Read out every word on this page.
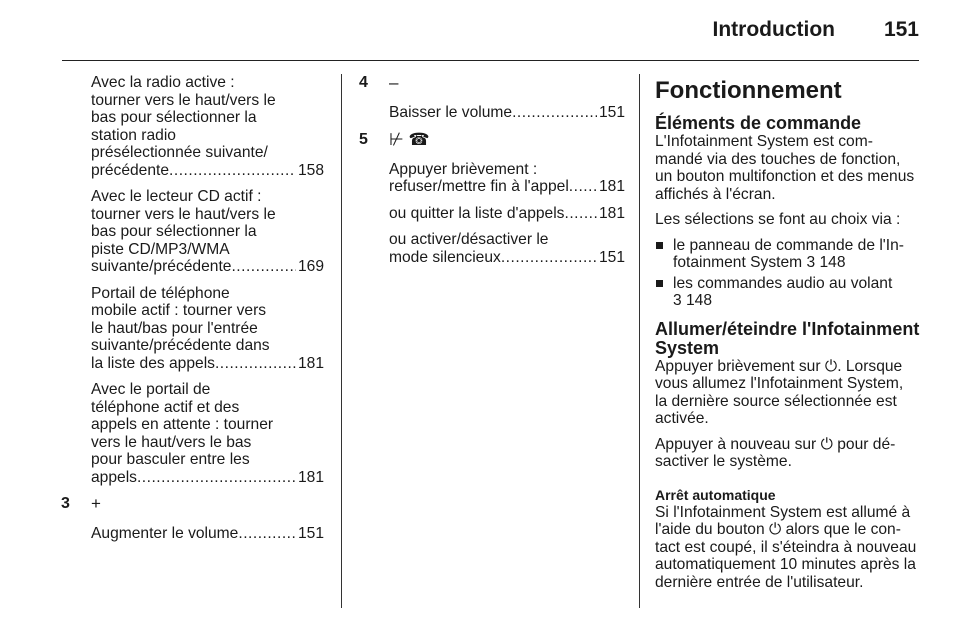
Introduction 151
Avec la radio active :
tourner vers le haut/vers le
bas pour sélectionner la
station radio
présélectionnée suivante/
précédente .....	158
Avec le lecteur CD actif :
tourner vers le haut/vers le
bas pour sélectionner la
piste CD/MP3/WMA
suivante/précédente .....	169
Portail de téléphone
mobile actif : tourner vers
le haut/bas pour l'entrée
suivante/précédente dans
la liste des appels .....	181
Avec le portail de
téléphone actif et des
appels en attente : tourner
vers le haut/vers le bas
pour basculer entre les
appels .....	181
3 +
Augmenter le volume .....	151
4 –
Baisser le volume .....	151
5 ⊬ ☎
Appuyer brièvement :
refuser/mettre fin à l'appel ..... 181
ou quitter la liste d'appels ..... 181
ou activer/désactiver le
mode silencieux .....	151
Fonctionnement
Éléments de commande

L'Infotainment System est com-
mandé via des touches de fonction,
un bouton multifonction et des menus
affichés à l'écran.

Les sélections se font au choix via :

le panneau de commande de l'In-
fotainment System 3 148
les commandes audio au volant
3 148
Allumer/éteindre l'Infotainment
System

Appuyer brièvement sur ⏻. Lorsque
vous allumez l'Infotainment System,
la dernière source sélectionnée est
activée.

Appuyer à nouveau sur ⏻ pour dé-
sactiver le système.

Arrêt automatique

Si l'Infotainment System est allumé à
l'aide du bouton ⏻ alors que le con-
tact est coupé, il s'éteindra à nouveau
automatiquement 10 minutes après la
dernière entrée de l'utilisateur.
